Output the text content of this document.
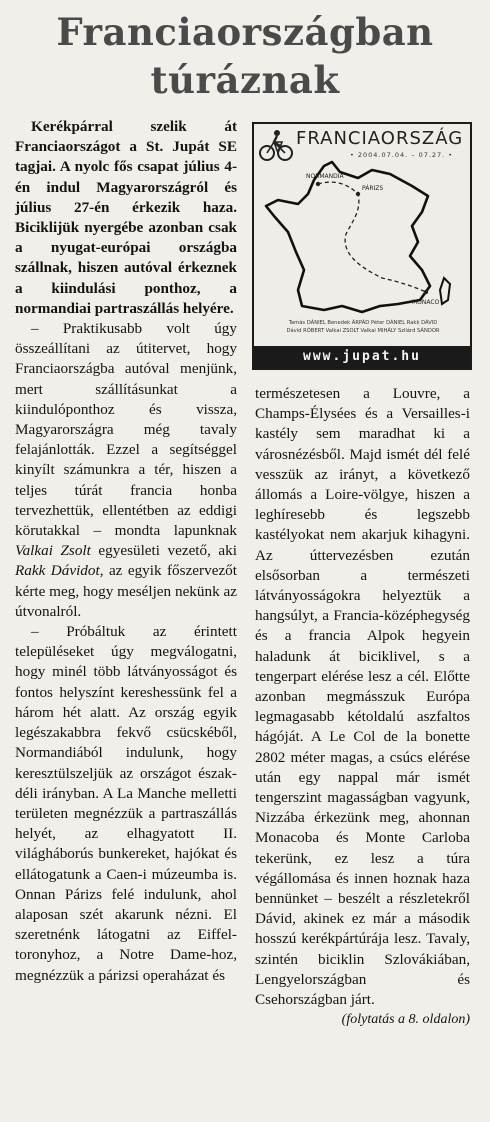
Franciaországban
túráznak
FRANCIAORSZÁG
• 2004.07.04. – 07.27. •
NORMANDIA
PÁRIZS
MONACO
Tamás DÁNIEL Benedek ÁRPÁD Péter DÁNIEL Rakk DÁVID
Dávid RÓBERT Valkai ZSOLT Valkai MIHÁLY Szilárd SÁNDOR
www.jupat.hu

Kerékpárral szelik át Franciaországot a St. Jupát SE tagjai. A nyolc fős csapat július 4-én indul Magyarországról és július 27-én érkezik haza. Biciklijük nyergébe azonban csak a nyugat-európai országba szállnak, hiszen autóval érkeznek a kiindulási ponthoz, a normandiai partraszállás helyére.

– Praktikusabb volt úgy összeállítani az útitervet, hogy Franciaországba autóval menjünk, mert szállításunkat a kiindulóponthoz és vissza, Magyarországra még tavaly felajánlották. Ezzel a segítséggel kinyílt számunkra a tér, hiszen a teljes túrát francia honba tervezhettük, ellentétben az eddigi körutakkal – mondta lapunknak Valkai Zsolt egyesületi vezető, aki Rakk Dávidot, az egyik főszervezőt kérte meg, hogy meséljen nekünk az útvonalról.

– Próbáltuk az érintett településeket úgy megválogatni, hogy minél több látványosságot és fontos helyszínt kereshessünk fel a három hét alatt. Az ország egyik legészakabbra fekvő csücskéből, Normandiából indulunk, hogy keresztülszeljük az országot észak-déli irányban. A La Manche melletti területen megnézzük a partraszállás helyét, az elhagyatott II. világháborús bunkereket, hajókat és ellátogatunk a Caen-i múzeumba is. Onnan Párizs felé indulunk, ahol alaposan szét akarunk nézni. El szeretnénk látogatni az Eiffel-toronyhoz, a Notre Dame-hoz, megnézzük a párizsi operaházat és

természetesen a Louvre, a Champs-Élysées és a Versailles-i kastély sem maradhat ki a városnézésből. Majd ismét dél felé vesszük az irányt, a következő állomás a Loire-völgye, hiszen a leghíresebb és legszebb kastélyokat nem akarjuk kihagyni. Az úttervezésben ezután elsősorban a természeti látványosságokra helyeztük a hangsúlyt, a Francia-középhegység és a francia Alpok hegyein haladunk át biciklivel, s a tengerpart elérése lesz a cél. Előtte azonban megmásszuk Európa legmagasabb kétoldalú aszfaltos hágóját. A Le Col de la bonette 2802 méter magas, a csúcs elérése után egy nappal már ismét tengerszint magasságban vagyunk, Nizzába érkezünk meg, ahonnan Monacoba és Monte Carloba tekerünk, ez lesz a túra végállomása és innen hoznak haza bennünket – beszélt a részletekről Dávid, akinek ez már a második hosszú kerékpártúrája lesz. Tavaly, szintén biciklin Szlovákiában, Lengyelországban és Csehországban járt.

(folytatás a 8. oldalon)
